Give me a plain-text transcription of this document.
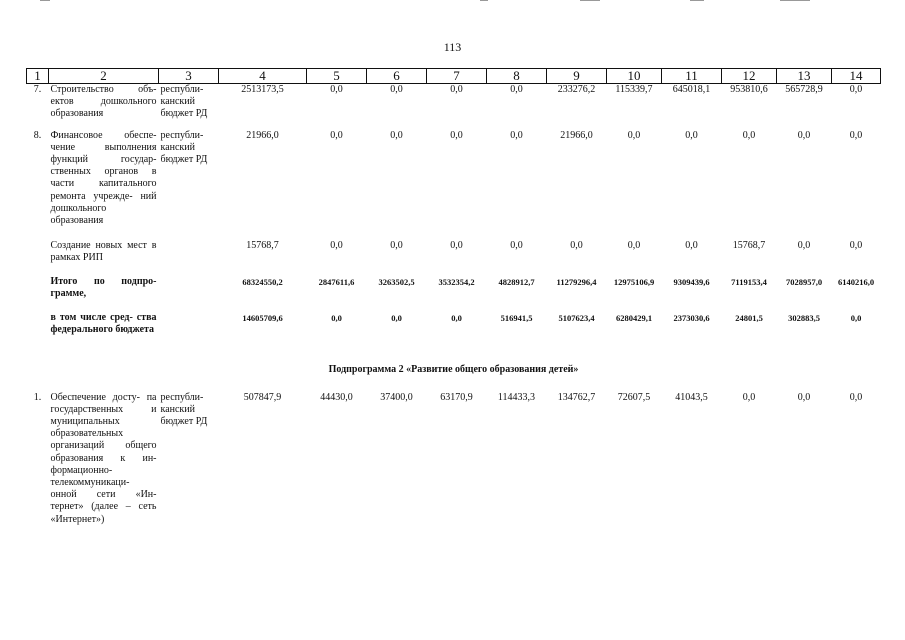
113
1	2	3	4	5	6	7	8	9	10	11	12	13	14
7.	Строительство объ- ектов дошкольного образования	республи- канский бюджет РД	2513173,5	0,0	0,0	0,0	0,0	233276,2	115339,7	645018,1	953810,6	565728,9	0,0
8.	Финансовое обеспе- чение выполнения функций государ- ственных органов в части капитального ремонта учрежде- ний дошкольного образования	республи- канский бюджет РД	21966,0	0,0	0,0	0,0	0,0	21966,0	0,0	0,0	0,0	0,0	0,0
	Создание новых мест в рамках РИП		15768,7	0,0	0,0	0,0	0,0	0,0	0,0	0,0	15768,7	0,0	0,0
	Итого по подпро- грамме,		68324550,2	2847611,6	3263502,5	3532354,2	4828912,7	11279296,4	12975106,9	9309439,6	7119153,4	7028957,0	6140216,0
	в том числе сред- ства федерального бюджета		14605709,6	0,0	0,0	0,0	516941,5	5107623,4	6280429,1	2373030,6	24801,5	302883,5	0,0
Подпрограмма 2 «Развитие общего образования детей»													
1.	Обеспечение досту- па государственных и муниципальных образовательных организаций общего образования к ин- формационно- телекоммуникаци- онной сети «Ин- тернет» (далее – сеть «Интернет»)	республи- канский бюджет РД	507847,9	44430,0	37400,0	63170,9	114433,3	134762,7	72607,5	41043,5	0,0	0,0	0,0
